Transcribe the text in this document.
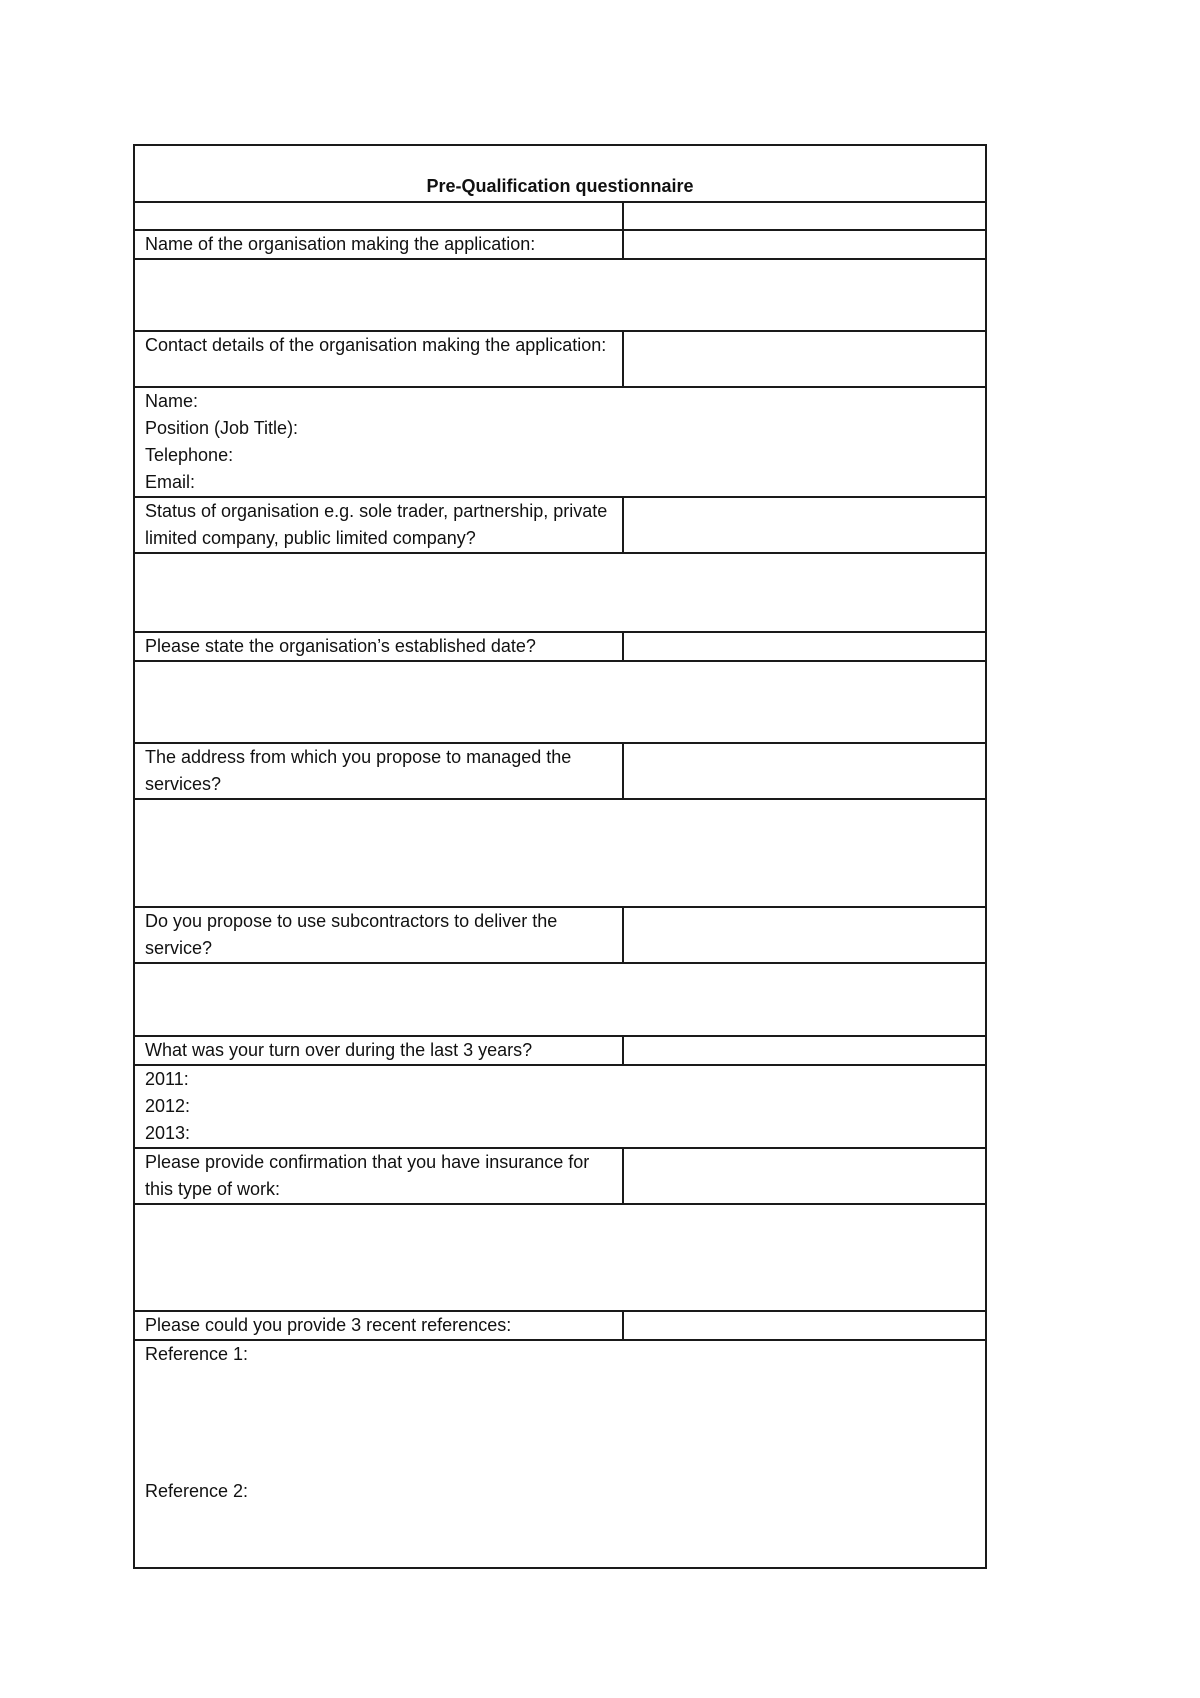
Pre-Qualification questionnaire	

Name of the organisation making the application:	

Contact details of the organisation making the application:	

Name:
Position (Job Title):
Telephone:
Email:	

Status of organisation e.g. sole trader, partnership, private limited company, public limited company?	

Please state the organisation’s established date?	

The address from which you propose to managed the services?	

Do you propose to use subcontractors to deliver the service?	

What was your turn over during the last 3 years?	

2011:
2012:
2013:	

Please provide confirmation that you have insurance for this type of work:	

Please could you provide 3 recent references:	

Reference 1:
Reference 2:	
